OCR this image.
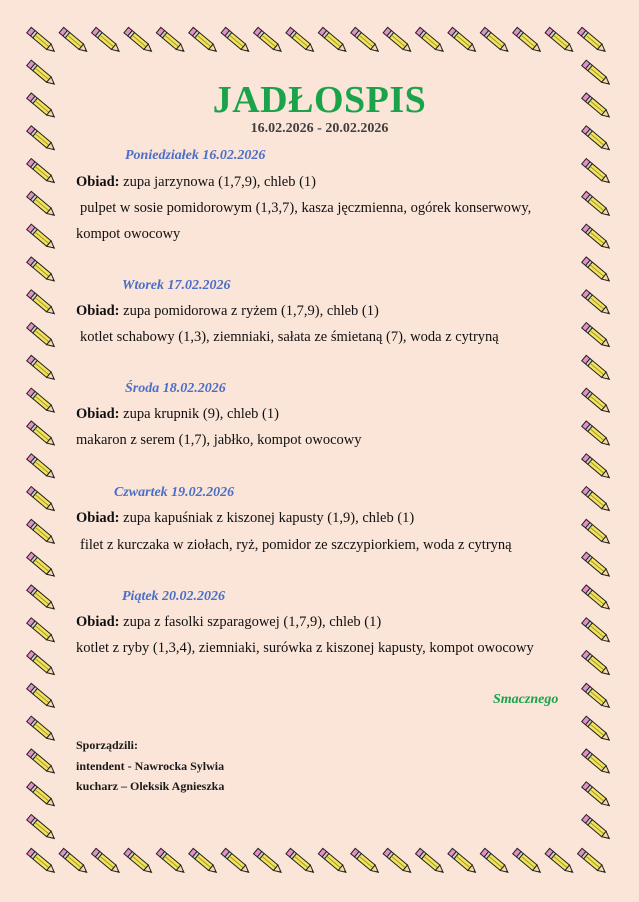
JADŁOSPIS
16.02.2026 - 20.02.2026
Poniedziałek 16.02.2026
Obiad: zupa jarzynowa (1,7,9), chleb (1)
pulpet w sosie pomidorowym (1,3,7), kasza jęczmienna, ogórek konserwowy,
kompot owocowy
Wtorek 17.02.2026
Obiad: zupa pomidorowa z ryżem (1,7,9), chleb (1)
kotlet schabowy (1,3), ziemniaki, sałata ze śmietaną (7), woda z cytryną
Środa 18.02.2026
Obiad: zupa krupnik (9), chleb (1)
makaron z serem (1,7), jabłko, kompot owocowy
Czwartek 19.02.2026
Obiad: zupa kapuśniak z kiszonej kapusty (1,9), chleb (1)
filet z kurczaka w ziołach, ryż, pomidor ze szczypiorkiem, woda z cytryną
Piątek 20.02.2026
Obiad: zupa z fasolki szparagowej (1,7,9), chleb (1)
kotlet z ryby (1,3,4), ziemniaki, surówka z kiszonej kapusty, kompot owocowy
Smacznego
Sporządzili:
intendent - Nawrocka Sylwia
kucharz – Oleksik Agnieszka
